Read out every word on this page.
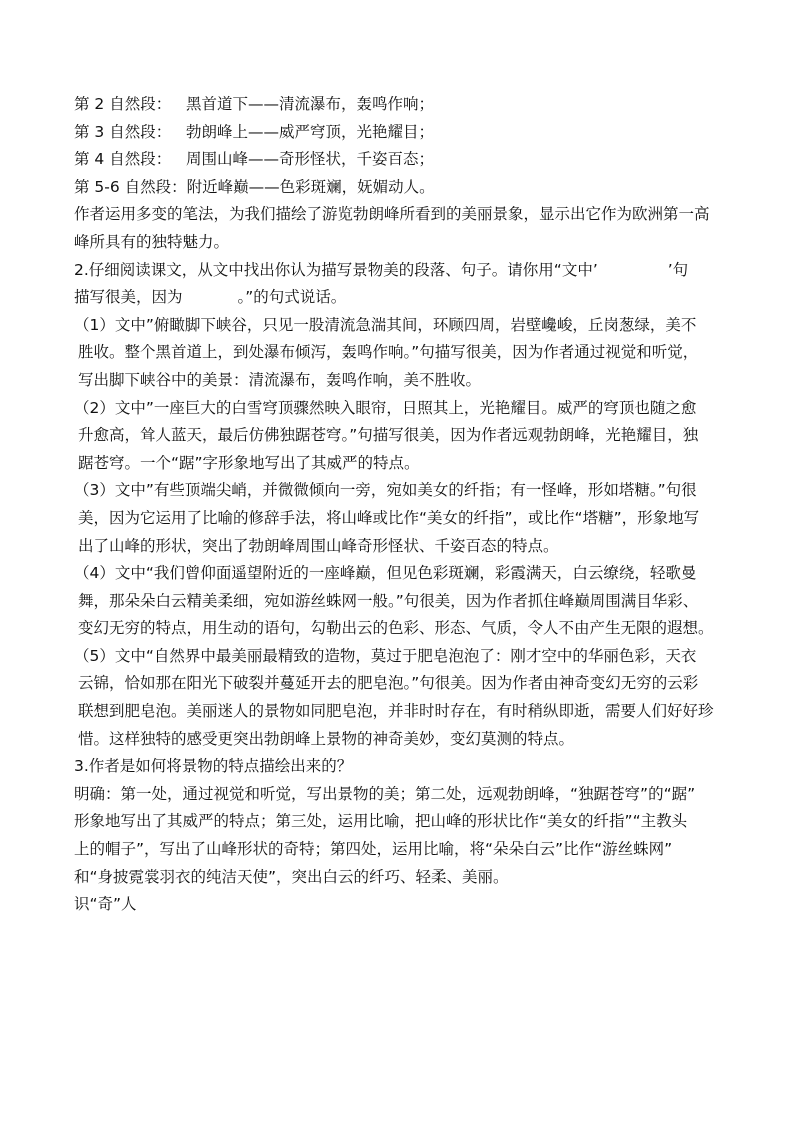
第 2 自然段： 黑首道下——清流瀑布，轰鸣作响；
第 3 自然段： 勃朗峰上——威严穹顶，光艳耀目；
第 4 自然段： 周围山峰——奇形怪状，千姿百态；
第 5-6 自然段： 附近峰巅——色彩斑斓，妩媚动人。
作者运用多变的笔法，为我们描绘了游览勃朗峰所看到的美丽景象，显示出它作为欧洲第一高
峰所具有的独特魅力。
2.仔细阅读课文，从文中找出你认为描写景物美的段落、句子。请你用“文中’	’句
描写很美，因为	。”的句式说话。
（1）文中”俯瞰脚下峡谷，只见一股清流急湍其间，环顾四周，岩壁巉峻，丘岗葱绿，美不
胜收。整个黑首道上，到处瀑布倾泻，轰鸣作响。”句描写很美，因为作者通过视觉和听觉，
写出脚下峡谷中的美景：清流瀑布，轰鸣作响，美不胜收。
（2）文中”一座巨大的白雪穹顶骤然映入眼帘，日照其上，光艳耀目。威严的穹顶也随之愈
升愈高，耸人蓝天，最后仿佛独踞苍穹。”句描写很美，因为作者远观勃朗峰，光艳耀目，独
踞苍穹。一个“踞”字形象地写出了其威严的特点。
（3）文中”有些顶端尖峭，并微微倾向一旁，宛如美女的纤指；有一怪峰，形如塔糖。”句很
美，因为它运用了比喻的修辞手法，将山峰或比作“美女的纤指”，或比作“塔糖”，形象地写
出了山峰的形状，突出了勃朗峰周围山峰奇形怪状、千姿百态的特点。
（4）文中“我们曾仰面遥望附近的一座峰巅，但见色彩斑斓，彩霞满天，白云缭绕，轻歌曼
舞，那朵朵白云精美柔细，宛如游丝蛛网一般。”句很美，因为作者抓住峰巅周围满目华彩、
变幻无穷的特点，用生动的语句，勾勒出云的色彩、形态、气质，令人不由产生无限的遐想。
（5）文中“自然界中最美丽最精致的造物，莫过于肥皂泡泡了：刚才空中的华丽色彩，天衣
云锦，恰如那在阳光下破裂并蔓延开去的肥皂泡。”句很美。因为作者由神奇变幻无穷的云彩
联想到肥皂泡。美丽迷人的景物如同肥皂泡，并非时时存在，有时稍纵即逝，需要人们好好珍
惜。这样独特的感受更突出勃朗峰上景物的神奇美妙，变幻莫测的特点。
3.作者是如何将景物的特点描绘出来的？
明确：第一处，通过视觉和听觉，写出景物的美；第二处，远观勃朗峰，“独踞苍穹”的“踞”
形象地写出了其威严的特点；第三处，运用比喻，把山峰的形状比作“美女的纤指”“主教头
上的帽子”，写出了山峰形状的奇特；第四处，运用比喻，将“朵朵白云”比作“游丝蛛网”
和“身披霓裳羽衣的纯洁天使”，突出白云的纤巧、轻柔、美丽。
识“奇”人
